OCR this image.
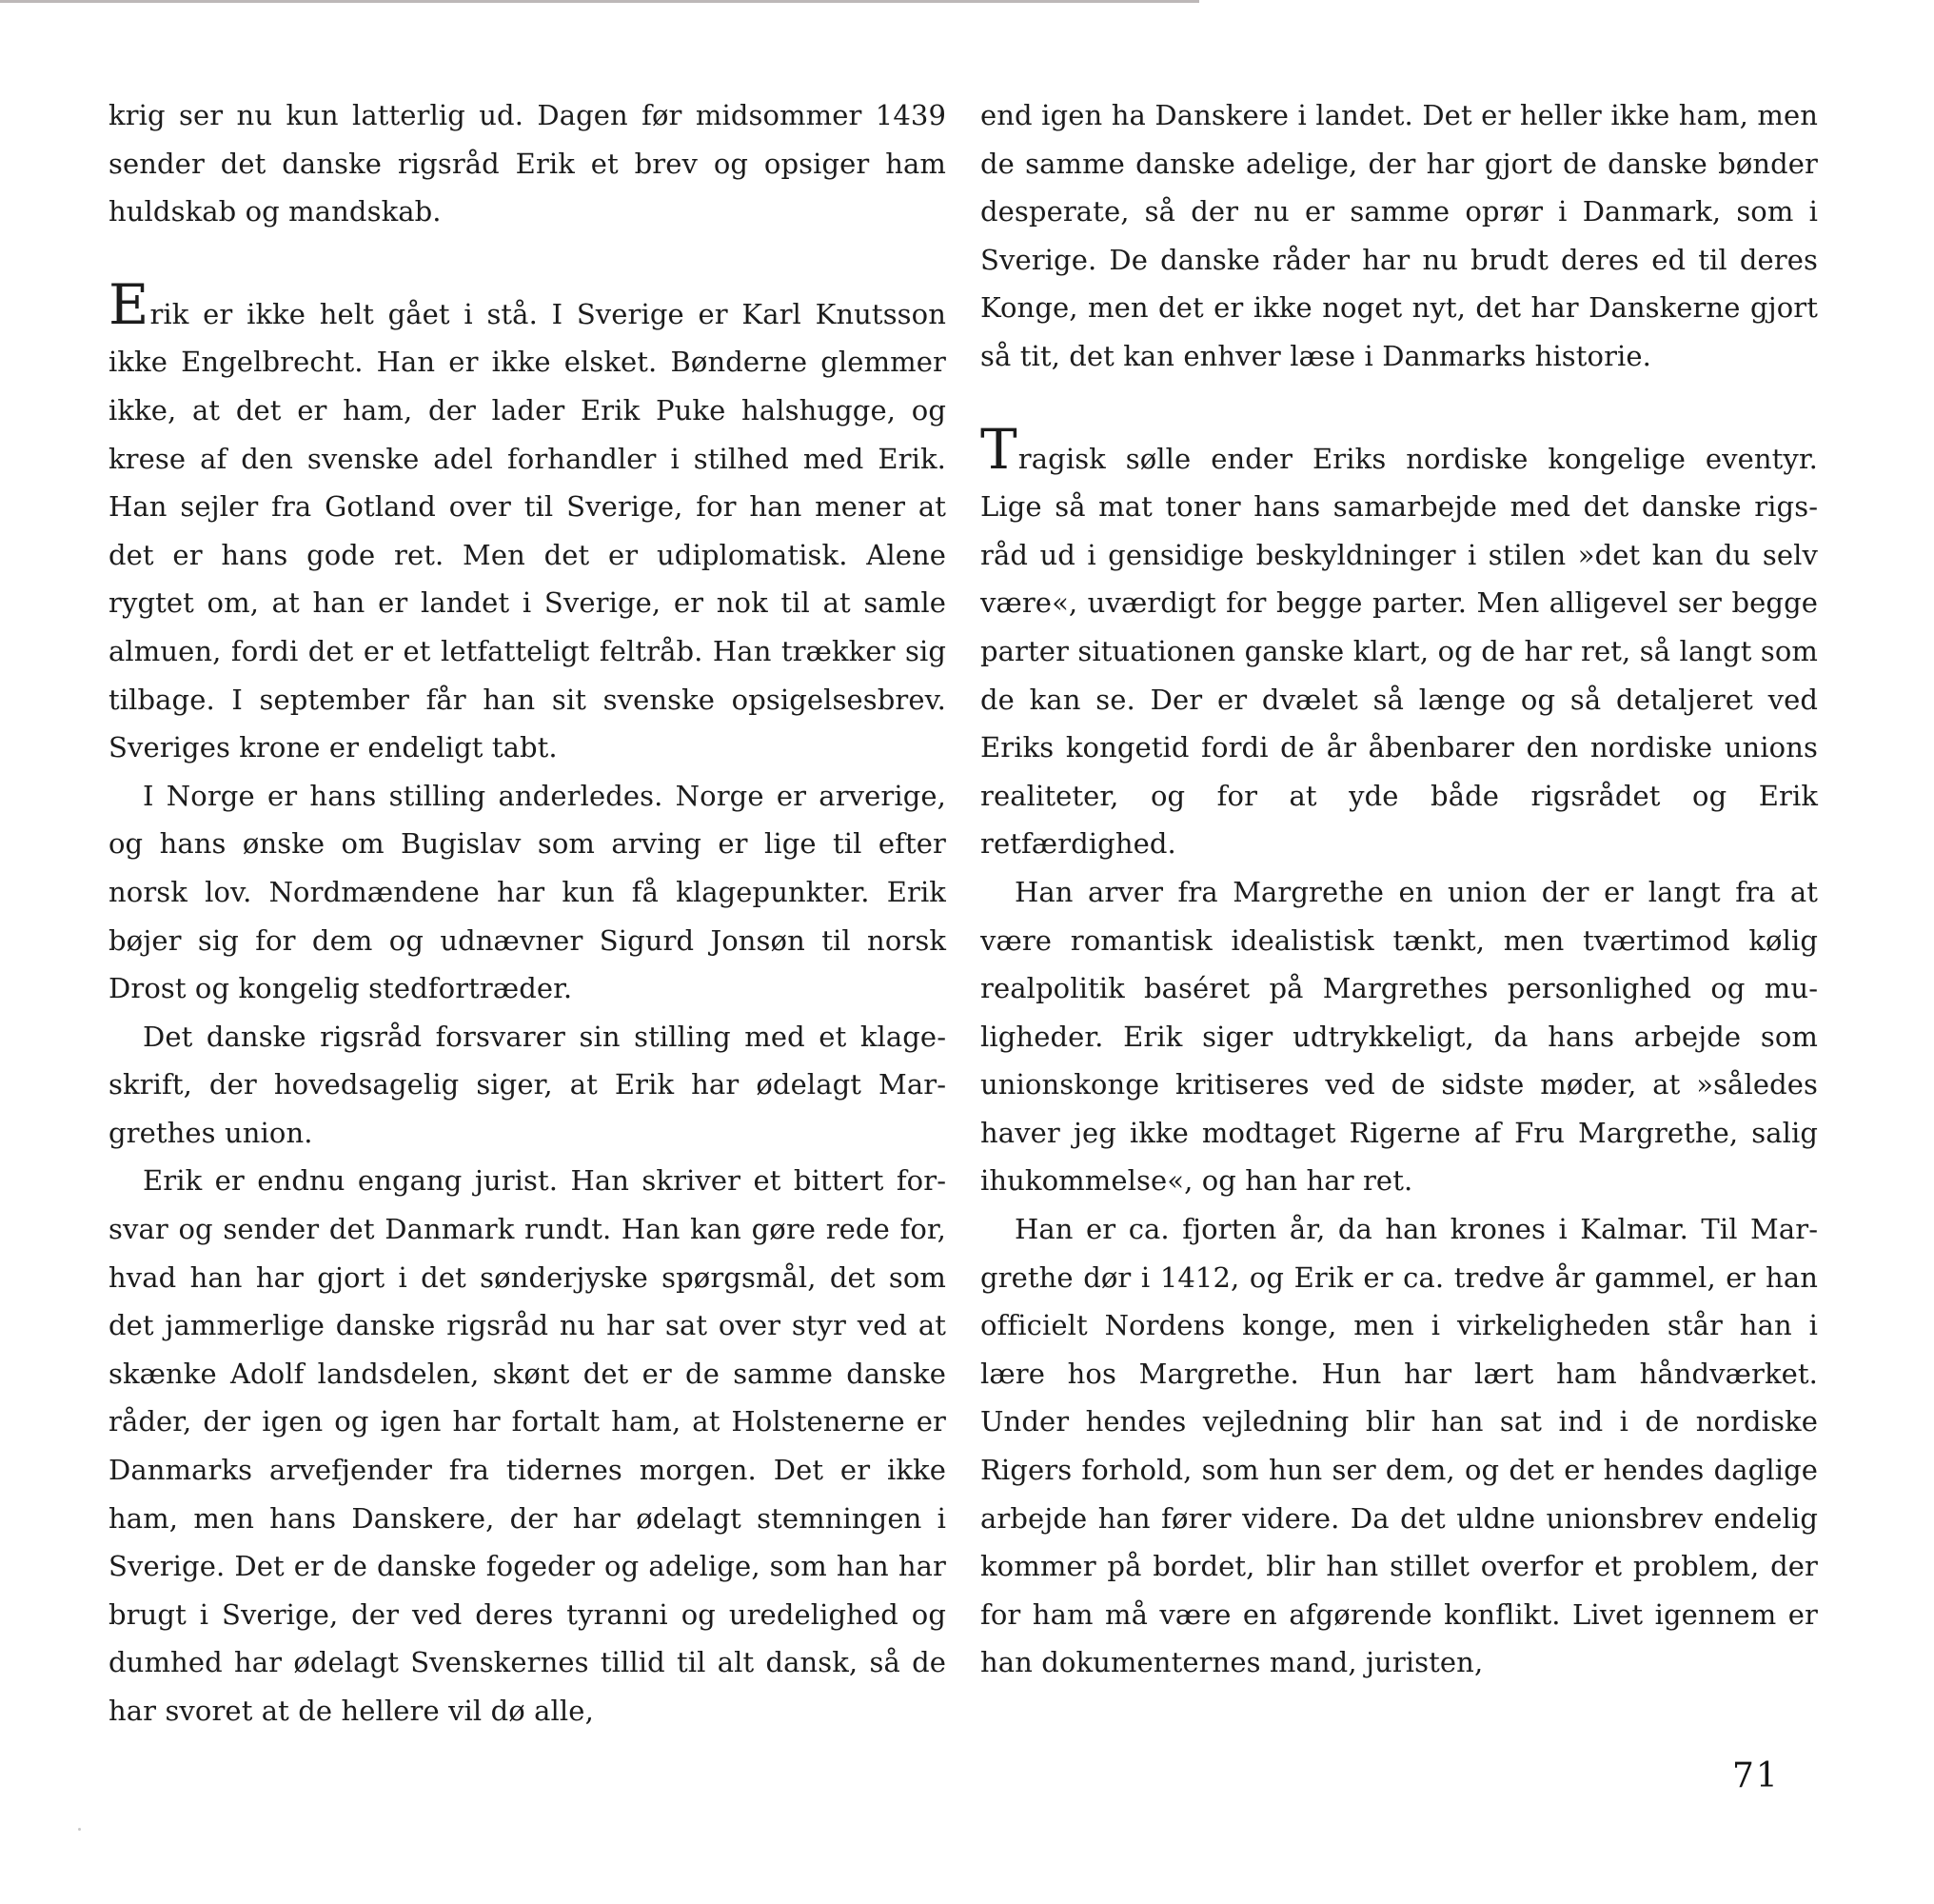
krig ser nu kun latterlig ud. Dagen før midsommer 1439 sender det danske rigsråd Erik et brev og opsiger ham huldskab og mandskab.

Erik er ikke helt gået i stå. I Sverige er Karl Knutsson ikke Engelbrecht. Han er ikke elsket. Bønderne glemmer ikke, at det er ham, der lader Erik Puke halshugge, og krese af den svenske adel forhandler i stilhed med Erik. Han sejler fra Gotland over til Sverige, for han mener at det er hans gode ret. Men det er udiplomatisk. Alene rygtet om, at han er landet i Sverige, er nok til at samle almuen, fordi det er et letfatteligt feltråb. Han trækker sig tilbage. I september får han sit svenske opsigelsesbrev. Sveriges krone er endeligt tabt.

I Norge er hans stilling anderledes. Norge er arverige, og hans ønske om Bugislav som arving er lige til efter norsk lov. Nordmændene har kun få klagepunkter. Erik bøjer sig for dem og udnævner Sigurd Jonsøn til norsk Drost og kongelig stedfortræder.

Det danske rigsråd forsvarer sin stilling med et klageskrift, der hovedsagelig siger, at Erik har ødelagt Margrethes union.

Erik er endnu engang jurist. Han skriver et bittert forsvar og sender det Danmark rundt. Han kan gøre rede for, hvad han har gjort i det sønderjyske spørgsmål, det som det jammerlige danske rigsråd nu har sat over styr ved at skænke Adolf landsdelen, skønt det er de samme danske råder, der igen og igen har fortalt ham, at Holstenerne er Danmarks arvefjender fra tidernes morgen. Det er ikke ham, men hans Danskere, der har ødelagt stemningen i Sverige. Det er de danske fogeder og adelige, som han har brugt i Sverige, der ved deres tyranni og uredelighed og dumhed har ødelagt Svenskernes tillid til alt dansk, så de har svoret at de hellere vil dø alle,

end igen ha Danskere i landet. Det er heller ikke ham, men de samme danske adelige, der har gjort de danske bønder desperate, så der nu er samme oprør i Danmark, som i Sverige. De danske råder har nu brudt deres ed til deres Konge, men det er ikke noget nyt, det har Danskerne gjort så tit, det kan enhver læse i Danmarks historie.

Tragisk sølle ender Eriks nordiske kongelige eventyr. Lige så mat toner hans samarbejde med det danske rigsråd ud i gensidige beskyldninger i stilen »det kan du selv være«, uværdigt for begge parter. Men alligevel ser begge parter situationen ganske klart, og de har ret, så langt som de kan se. Der er dvælet så længe og så detaljeret ved Eriks kongetid fordi de år åbenbarer den nordiske unions realiteter, og for at yde både rigsrådet og Erik retfærdighed.

Han arver fra Margrethe en union der er langt fra at være romantisk idealistisk tænkt, men tværtimod kølig realpolitik baséret på Margrethes personlighed og muligheder. Erik siger udtrykkeligt, da hans arbejde som unionskonge kritiseres ved de sidste møder, at »således haver jeg ikke modtaget Rigerne af Fru Margrethe, salig ihukommelse«, og han har ret.

Han er ca. fjorten år, da han krones i Kalmar. Til Margrethe dør i 1412, og Erik er ca. tredve år gammel, er han officielt Nordens konge, men i virkeligheden står han i lære hos Margrethe. Hun har lært ham håndværket. Under hendes vejledning blir han sat ind i de nordiske Rigers forhold, som hun ser dem, og det er hendes daglige arbejde han fører videre. Da det uldne unionsbrev endelig kommer på bordet, blir han stillet overfor et problem, der for ham må være en afgørende konflikt. Livet igennem er han dokumenternes mand, juristen,

71
